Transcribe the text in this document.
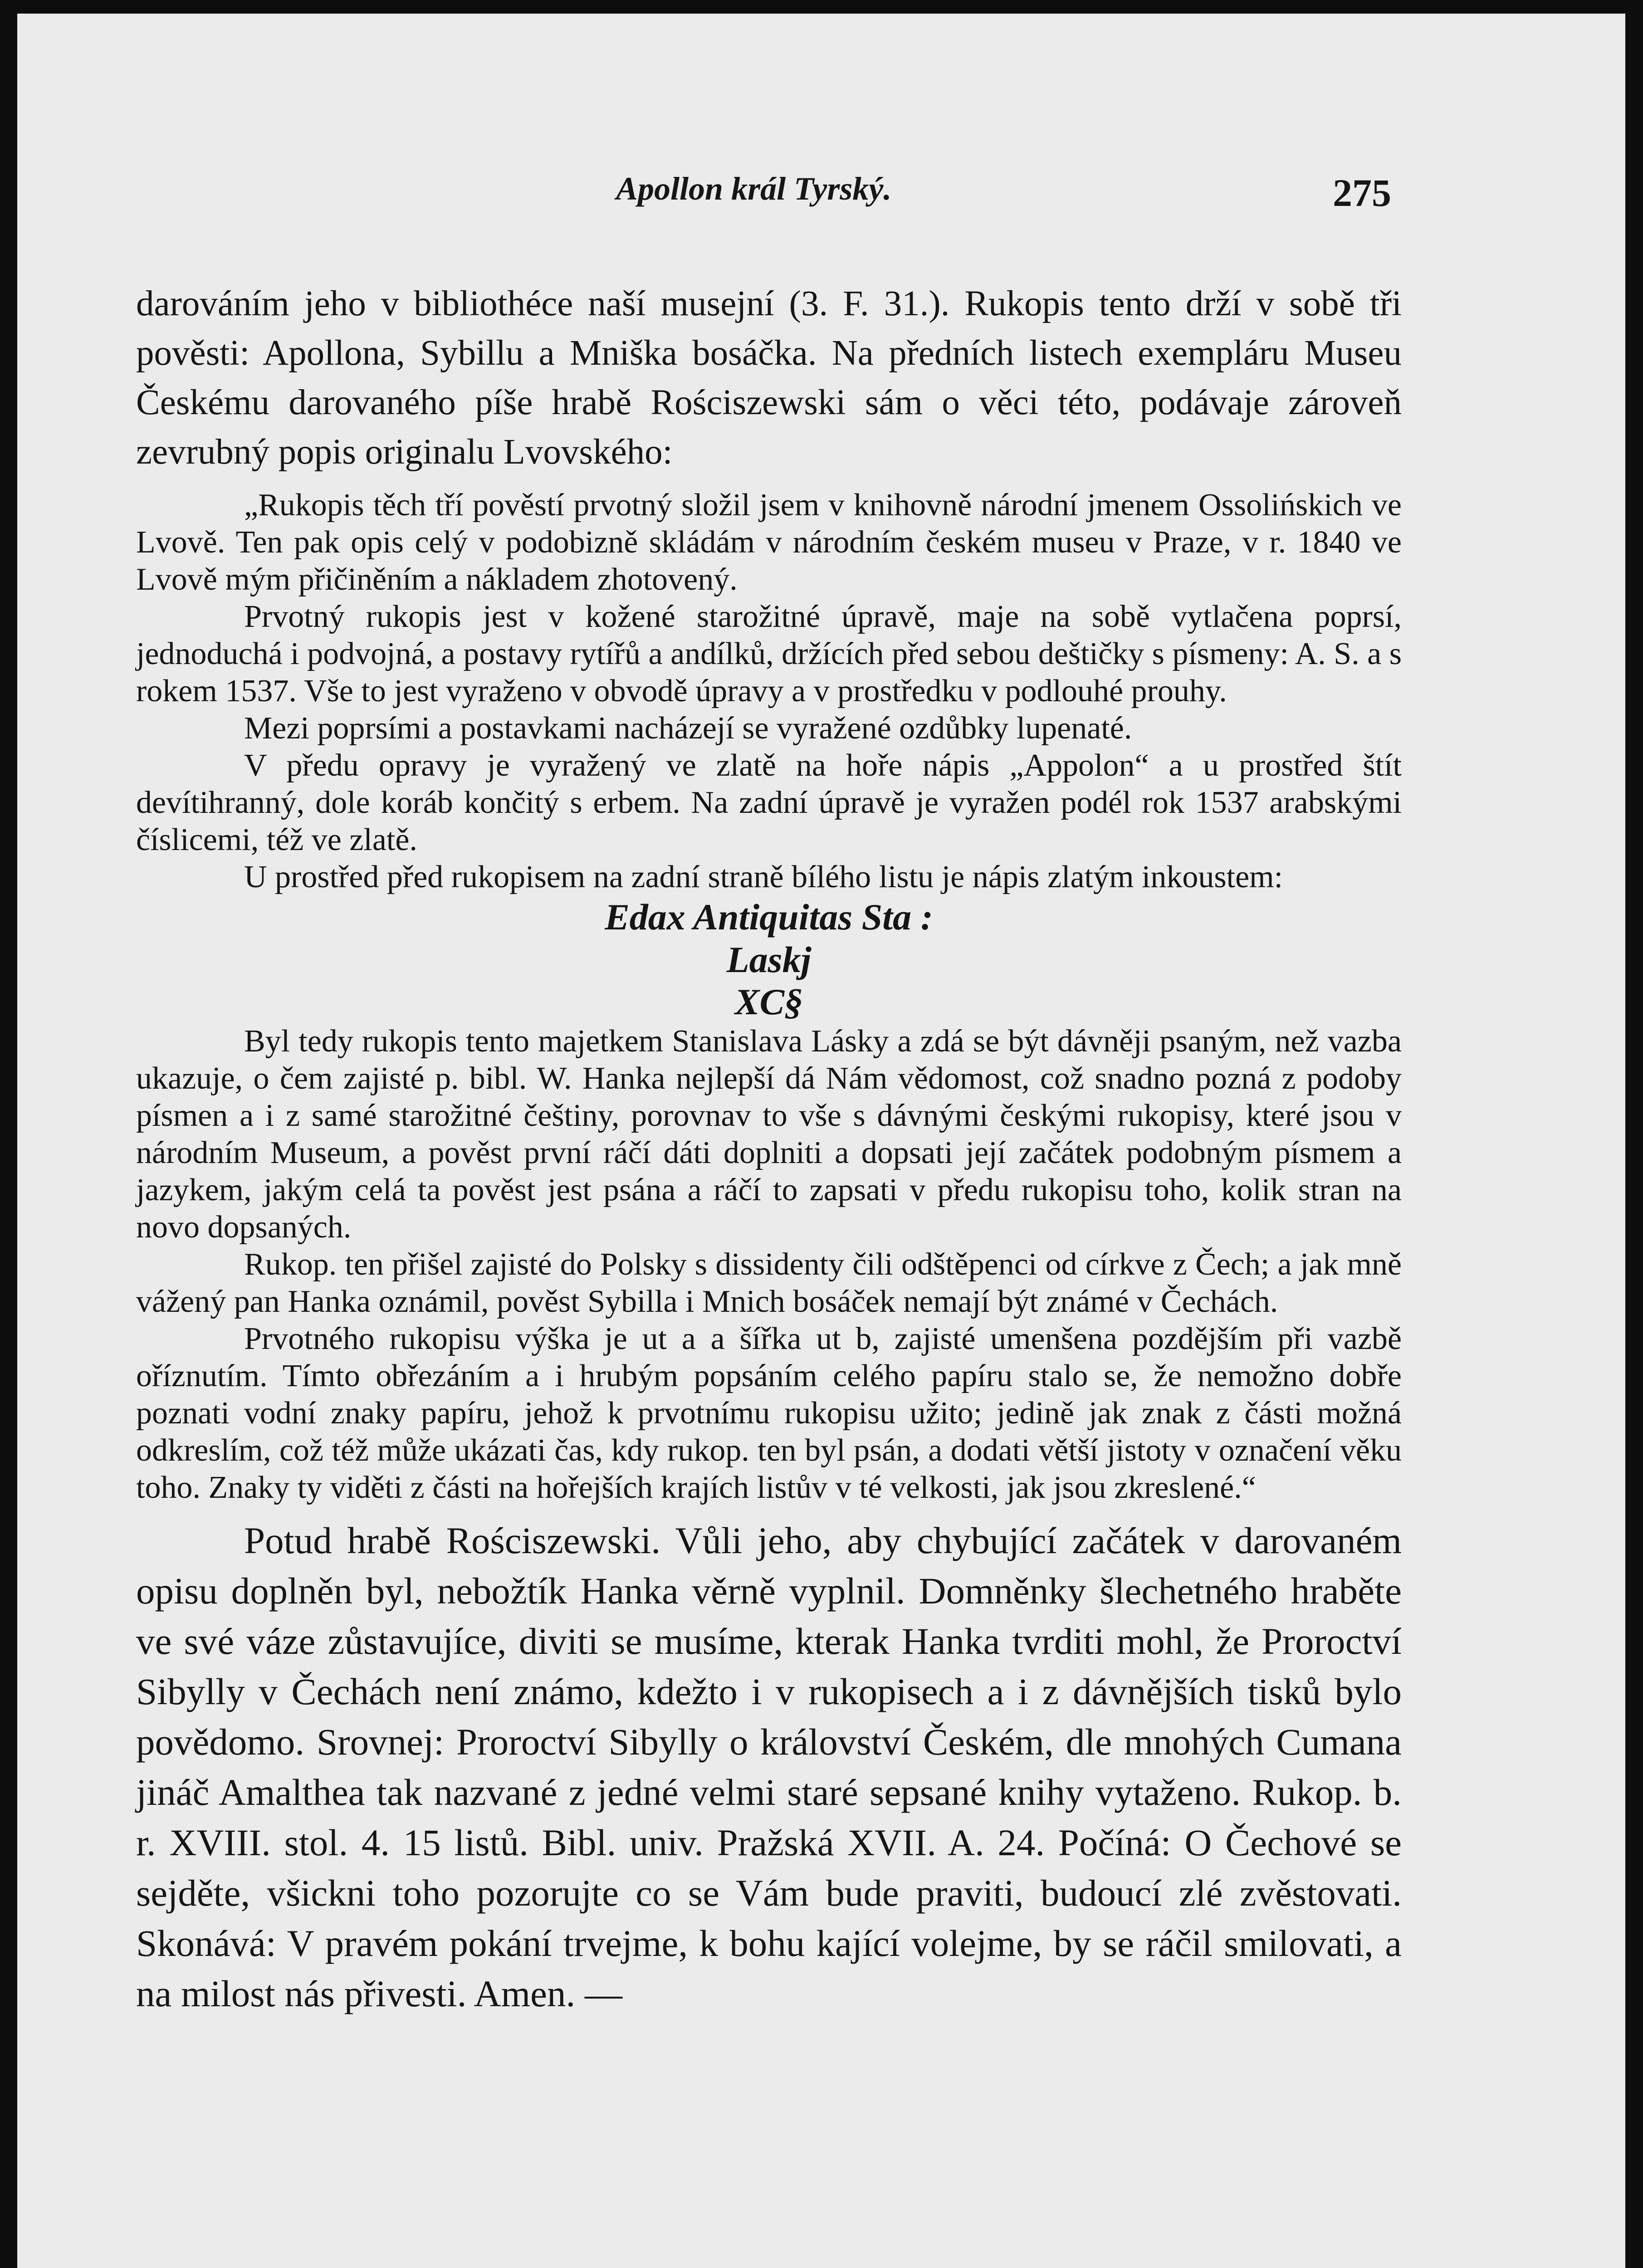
Apollon král Tyrský.	275

darováním jeho v bibliothéce naší musejní (3. F. 31.). Rukopis tento drží v sobě tři pověsti: Apollona, Sybillu a Mniška bosáčka. Na předních listech exempláru Museu Českému darovaného píše hrabě Rościszewski sám o věci této, podávaje zároveň zevrubný popis originalu Lvovského:

„Rukopis těch tří pověstí prvotný složil jsem v knihovně národní jmenem Ossolińskich ve Lvově. Ten pak opis celý v podobizně skládám v národním českém museu v Praze, v r. 1840 ve Lvově mým přičiněním a nákladem zhotovený.

Prvotný rukopis jest v kožené starožitné úpravě, maje na sobě vytlačena poprsí, jednoduchá i podvojná, a postavy rytířů a andílků, držících před sebou deštičky s písmeny: A. S. a s rokem 1537. Vše to jest vyraženo v obvodě úpravy a v prostředku v podlouhé prouhy.

Mezi poprsími a postavkami nacházejí se vyražené ozdůbky lupenaté.

V předu opravy je vyražený ve zlatě na hoře nápis „Appolon“ a u prostřed štít devítihranný, dole koráb končitý s erbem. Na zadní úpravě je vyražen podél rok 1537 arabskými číslicemi, též ve zlatě.

U prostřed před rukopisem na zadní straně bílého listu je nápis zlatým inkoustem:

Edax Antiquitas Sta :

Laskj

XC§

Byl tedy rukopis tento majetkem Stanislava Lásky a zdá se být dávněji psaným, než vazba ukazuje, o čem zajisté p. bibl. W. Hanka nejlepší dá Nám vědomost, což snadno pozná z podoby písmen a i z samé starožitné češtiny, porovnav to vše s dávnými českými rukopisy, které jsou v národním Museum, a pověst první ráčí dáti doplniti a dopsati její začátek podobným písmem a jazykem, jakým celá ta pověst jest psána a ráčí to zapsati v předu rukopisu toho, kolik stran na novo dopsaných.

Rukop. ten přišel zajisté do Polsky s dissidenty čili odštěpenci od církve z Čech; a jak mně vážený pan Hanka oznámil, pověst Sybilla i Mnich bosáček nemají být známé v Čechách.

Prvotného rukopisu výška je ut a a šířka ut b, zajisté umenšena pozdějším při vazbě oříznutím. Tímto obřezáním a i hrubým popsáním celého papíru stalo se, že nemožno dobře poznati vodní znaky papíru, jehož k prvotnímu rukopisu užito; jedině jak znak z části možná odkreslím, což též může ukázati čas, kdy rukop. ten byl psán, a dodati větší jistoty v označení věku toho. Znaky ty viděti z části na hořejších krajích listův v té velkosti, jak jsou zkreslené.“

Potud hrabě Rościszewski. Vůli jeho, aby chybující začátek v darovaném opisu doplněn byl, nebožtík Hanka věrně vyplnil. Domněnky šlechetného hraběte ve své váze zůstavujíce, diviti se musíme, kterak Hanka tvrditi mohl, že Proroctví Sibylly v Čechách není známo, kdežto i v rukopisech a i z dávnějších tisků bylo povědomo. Srovnej: Proroctví Sibylly o království Českém, dle mnohých Cumana jináč Amalthea tak nazvané z jedné velmi staré sepsané knihy vytaženo. Rukop. b. r. XVIII. stol. 4. 15 listů. Bibl. univ. Pražská XVII. A. 24. Počíná: O Čechové se sejděte, všickni toho pozorujte co se Vám bude praviti, budoucí zlé zvěstovati. Skonává: V pravém pokání trvejme, k bohu kající volejme, by se ráčil smilovati, a na milost nás přivesti. Amen. —
